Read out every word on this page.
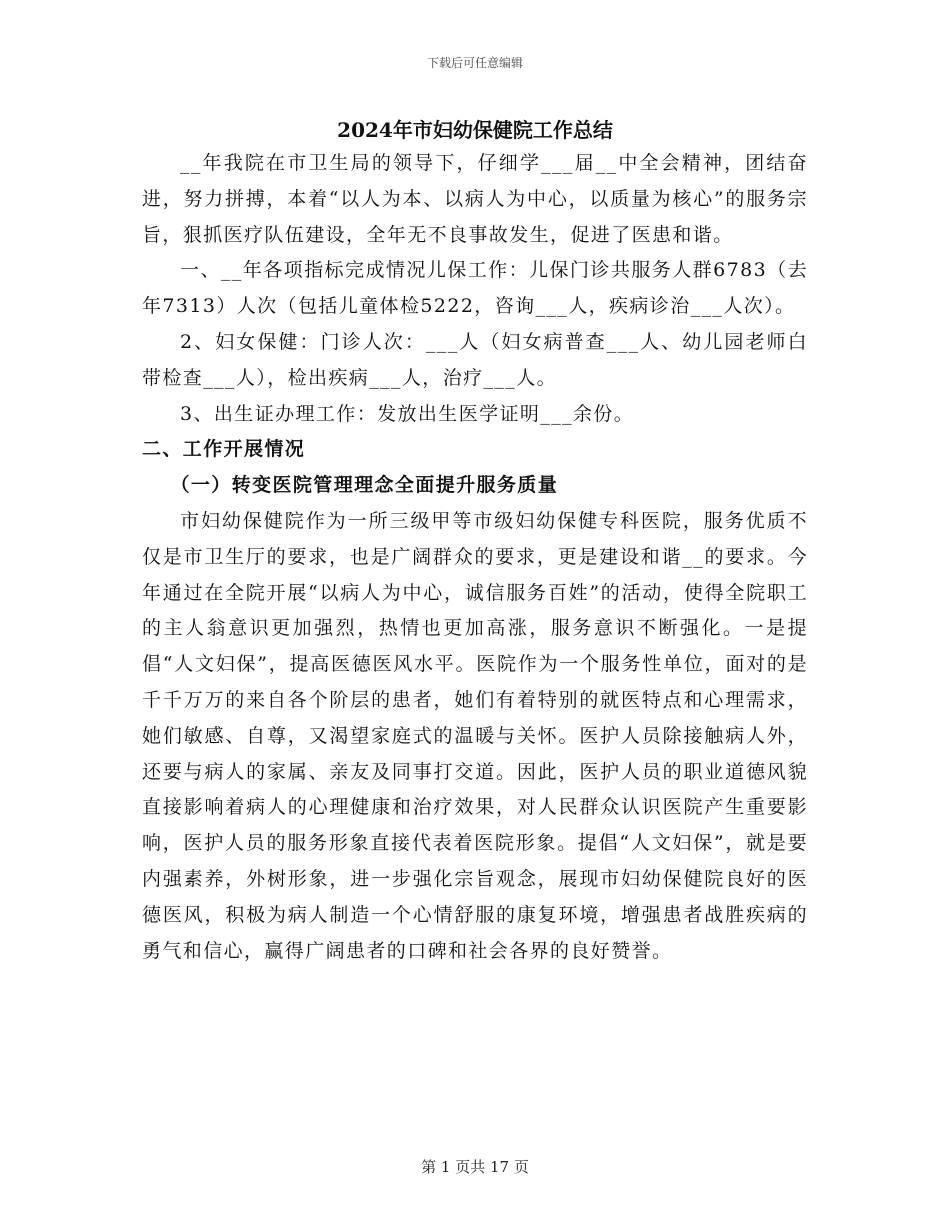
下载后可任意编辑
2024年市妇幼保健院工作总结

__年我院在市卫生局的领导下，仔细学___届__中全会精神，团结奋进，努力拼搏，本着“以人为本、以病人为中心，以质量为核心”的服务宗旨，狠抓医疗队伍建设，全年无不良事故发生，促进了医患和谐。

一、__年各项指标完成情况儿保工作：儿保门诊共服务人群6783（去年7313）人次（包括儿童体检5222，咨询___人，疾病诊治___人次）。

2、妇女保健：门诊人次：___人（妇女病普查___人、幼儿园老师白带检查___人），检出疾病___人，治疗___人。

3、出生证办理工作：发放出生医学证明___余份。

二、工作开展情况

（一）转变医院管理理念全面提升服务质量

市妇幼保健院作为一所三级甲等市级妇幼保健专科医院，服务优质不仅是市卫生厅的要求，也是广阔群众的要求，更是建设和谐__的要求。今年通过在全院开展“以病人为中心，诚信服务百姓”的活动，使得全院职工的主人翁意识更加强烈，热情也更加高涨，服务意识不断强化。一是提倡“人文妇保”，提高医德医风水平。医院作为一个服务性单位，面对的是千千万万的来自各个阶层的患者，她们有着特别的就医特点和心理需求，她们敏感、自尊，又渴望家庭式的温暖与关怀。医护人员除接触病人外，还要与病人的家属、亲友及同事打交道。因此，医护人员的职业道德风貌直接影响着病人的心理健康和治疗效果，对人民群众认识医院产生重要影响，医护人员的服务形象直接代表着医院形象。提倡“人文妇保”，就是要内强素养，外树形象，进一步强化宗旨观念，展现市妇幼保健院良好的医德医风，积极为病人制造一个心情舒服的康复环境，增强患者战胜疾病的勇气和信心，赢得广阔患者的口碑和社会各界的良好赞誉。

第 1 页共 17 页
